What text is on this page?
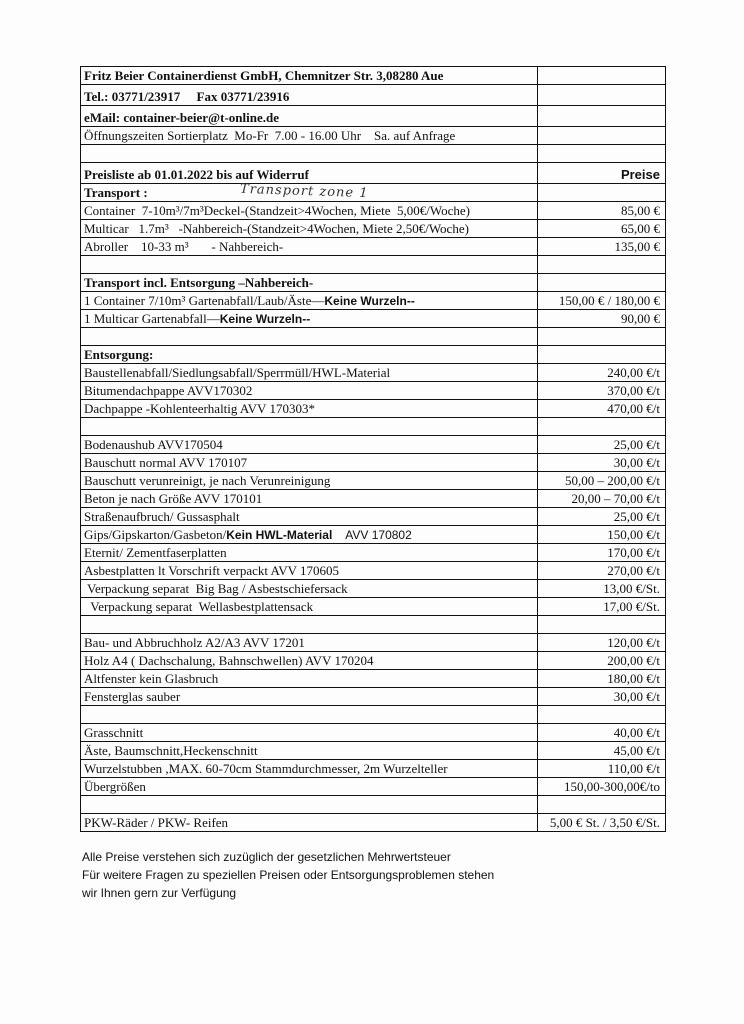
Fritz Beier Containerdienst GmbH, Chemnitzer Str. 3,08280 Aue	
Tel.: 03771/23917     Fax 03771/23916	
eMail: container-beier@t-online.de	
Öffnungszeiten Sortierplatz  Mo-Fr  7.00 - 16.00 Uhr    Sa. auf Anfrage	

Preisliste ab 01.01.2022 bis auf Widerruf	Preise
Transport :	
Container  7-10m³/7m³Deckel-(Standzeit>4Wochen, Miete  5,00€/Woche)	85,00 €
Multicar   1.7m³   -Nahbereich-(Standzeit>4Wochen, Miete 2,50€/Woche)	65,00 €
Abroller    10-33 m³       - Nahbereich-	135,00 €

Transport incl. Entsorgung –Nahbereich-	
1 Container 7/10m³ Gartenabfall/Laub/Äste—Keine Wurzeln--	150,00 € / 180,00 €
1 Multicar Gartenabfall—Keine Wurzeln--	90,00 €

Entsorgung:	
Baustellenabfall/Siedlungsabfall/Sperrmüll/HWL-Material	240,00 €/t
Bitumendachpappe AVV170302	370,00 €/t
Dachpappe -Kohlenteerhaltig AVV 170303*	470,00 €/t

Bodenaushub AVV170504	25,00 €/t
Bauschutt normal AVV 170107	30,00 €/t
Bauschutt verunreinigt, je nach Verunreinigung	50,00 – 200,00 €/t
Beton je nach Größe AVV 170101	20,00 – 70,00 €/t
Straßenaufbruch/ Gussasphalt	25,00 €/t
Gips/Gipskarton/Gasbeton/Kein HWL-Material AVV 170802	150,00 €/t
Eternit/ Zementfaserplatten	170,00 €/t
Asbestplatten lt Vorschrift verpackt AVV 170605	270,00 €/t
Verpackung separat  Big Bag / Asbestschiefersack	13,00 €/St.
Verpackung separat  Wellasbestplattensack	17,00 €/St.

Bau- und Abbruchholz A2/A3 AVV 17201	120,00 €/t
Holz A4 ( Dachschalung, Bahnschwellen) AVV 170204	200,00 €/t
Altfenster kein Glasbruch	180,00 €/t
Fensterglas sauber	30,00 €/t

Grasschnitt	40,00 €/t
Äste, Baumschnitt,Heckenschnitt	45,00 €/t
Wurzelstubben ,MAX. 60-70cm Stammdurchmesser, 2m Wurzelteller	110,00 €/t
Übergrößen	150,00-300,00€/to

PKW-Räder / PKW- Reifen	5,00 € St. / 3,50 €/St.
Transport zone 1
Alle Preise verstehen sich zuzüglich der gesetzlichen Mehrwertsteuer
Für weitere Fragen zu speziellen Preisen oder Entsorgungsproblemen stehen
wir Ihnen gern zur Verfügung
